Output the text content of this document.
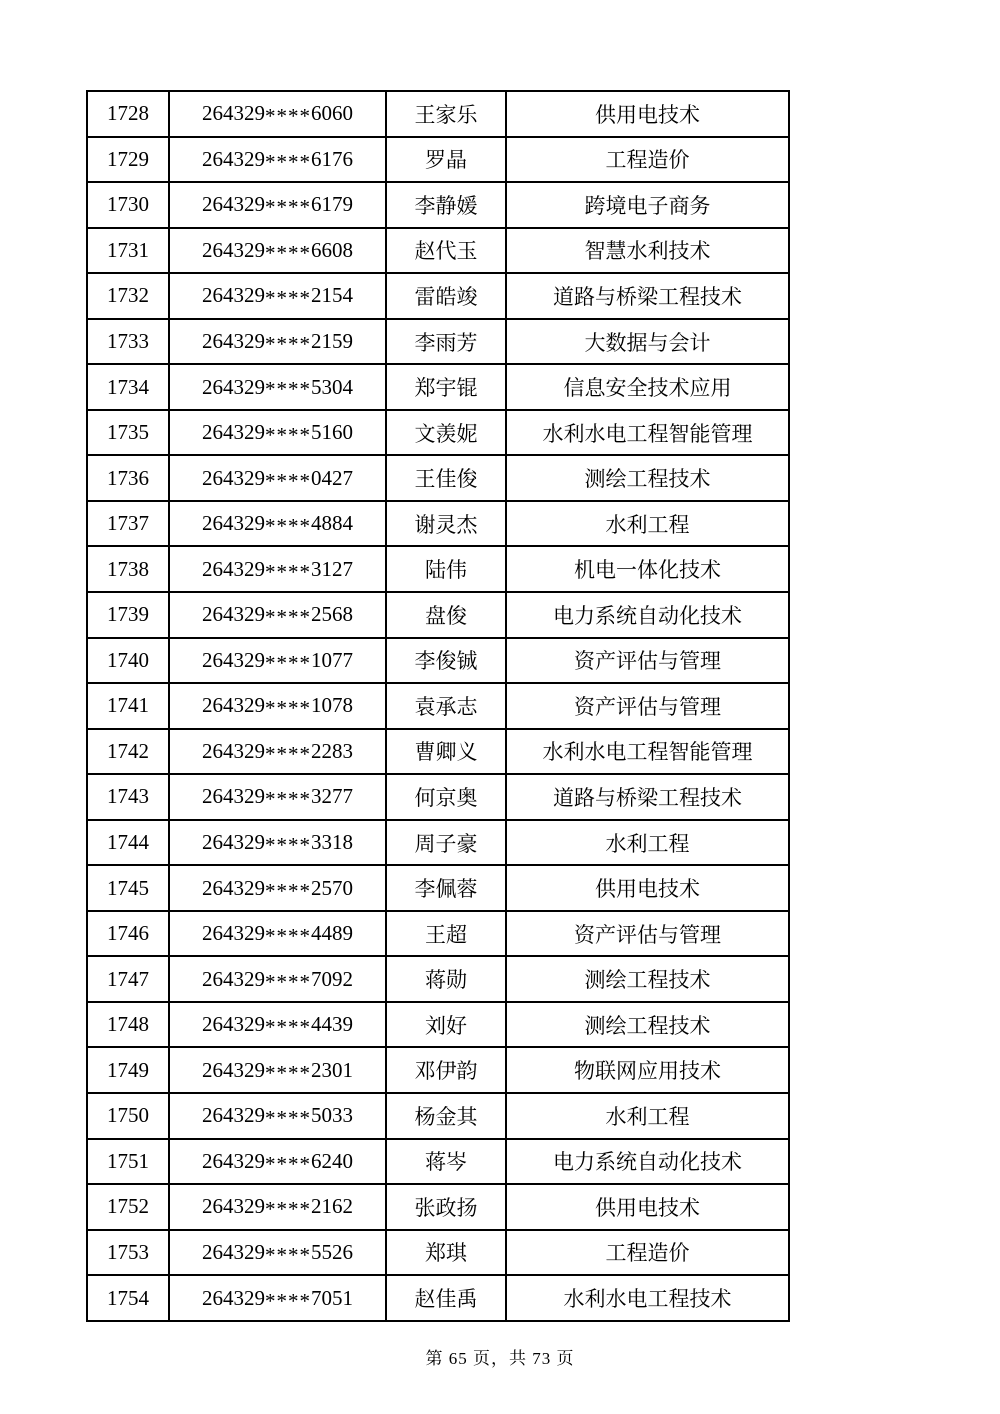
1728	264329****6060	王家乐	供用电技术
1729	264329****6176	罗晶	工程造价
1730	264329****6179	李静媛	跨境电子商务
1731	264329****6608	赵代玉	智慧水利技术
1732	264329****2154	雷皓竣	道路与桥梁工程技术
1733	264329****2159	李雨芳	大数据与会计
1734	264329****5304	郑宇锟	信息安全技术应用
1735	264329****5160	文羡妮	水利水电工程智能管理
1736	264329****0427	王佳俊	测绘工程技术
1737	264329****4884	谢灵杰	水利工程
1738	264329****3127	陆伟	机电一体化技术
1739	264329****2568	盘俊	电力系统自动化技术
1740	264329****1077	李俊铖	资产评估与管理
1741	264329****1078	袁承志	资产评估与管理
1742	264329****2283	曹卿义	水利水电工程智能管理
1743	264329****3277	何京奥	道路与桥梁工程技术
1744	264329****3318	周子豪	水利工程
1745	264329****2570	李佩蓉	供用电技术
1746	264329****4489	王超	资产评估与管理
1747	264329****7092	蒋勋	测绘工程技术
1748	264329****4439	刘好	测绘工程技术
1749	264329****2301	邓伊韵	物联网应用技术
1750	264329****5033	杨金其	水利工程
1751	264329****6240	蒋岑	电力系统自动化技术
1752	264329****2162	张政扬	供用电技术
1753	264329****5526	郑琪	工程造价
1754	264329****7051	赵佳禹	水利水电工程技术
第 65 页，共 73 页
